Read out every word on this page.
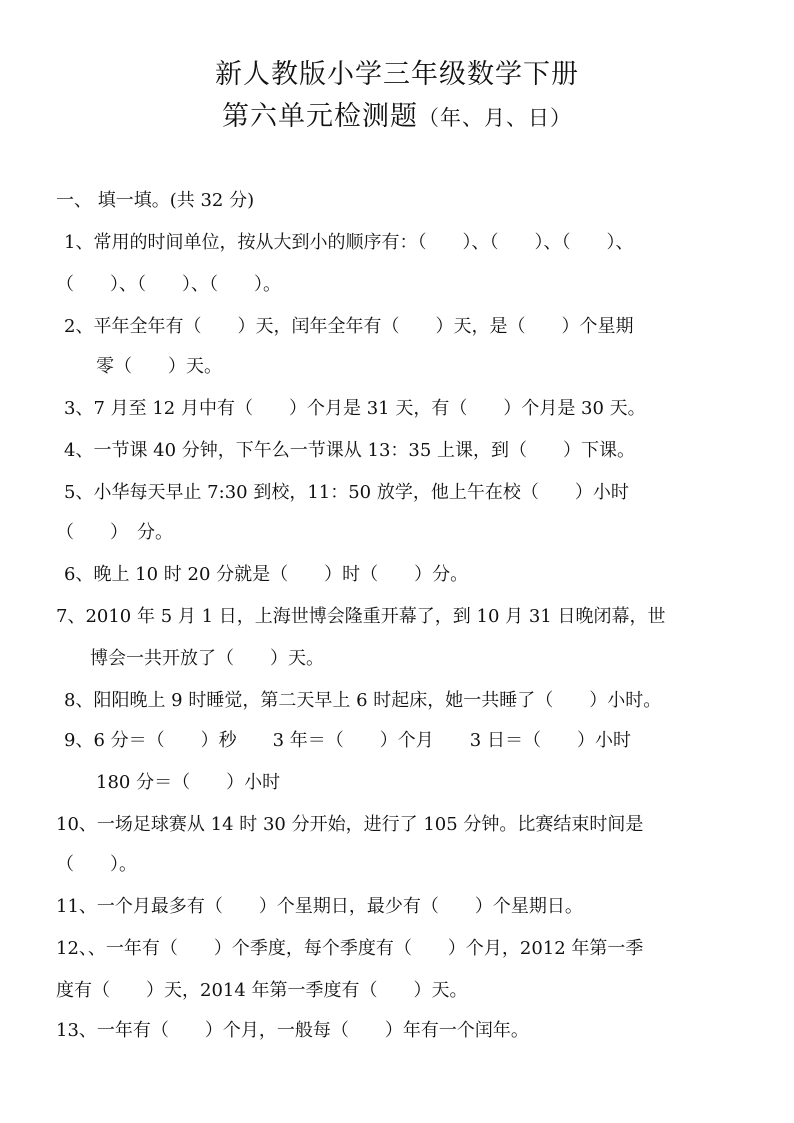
新人教版小学三年级数学下册
第六单元检测题（年、月、日）
一、 填一填。(共 32 分)
1、常用的时间单位，按从大到小的顺序有：（　　）、（　　）、（　　）、
（　　）、（　　）、（　　）。
2、平年全年有（　　）天，闰年全年有（　　）天，是（　　）个星期
零（　　）天。
3、7 月至 12 月中有（　　）个月是 31 天，有（　　）个月是 30 天。
4、一节课 40 分钟，下午么一节课从 13：35 上课，到（　　）下课。
5、小华每天早止 7:30 到校，11：50 放学，他上午在校（　　）小时
（　　）　分。
6、晚上 10 时 20 分就是（　　）时（　　）分。
7、2010 年 5 月 1 日，上海世博会隆重开幕了，到 10 月 31 日晚闭幕，世
博会一共开放了（　　）天。
8、阳阳晚上 9 时睡觉，第二天早上 6 时起床，她一共睡了（　　）小时。
9、6 分＝（　　）秒　　3 年＝（　　）个月　　3 日＝（　　）小时
180 分＝（　　）小时
10、一场足球赛从 14 时 30 分开始，进行了 105 分钟。比赛结束时间是
（　　）。
11、一个月最多有（　　）个星期日，最少有（　　）个星期日。
12、、一年有（　　）个季度，每个季度有（　　）个月，2012 年第一季
度有（　　）天，2014 年第一季度有（　　）天。
13、一年有（　　）个月，一般每（　　）年有一个闰年。
